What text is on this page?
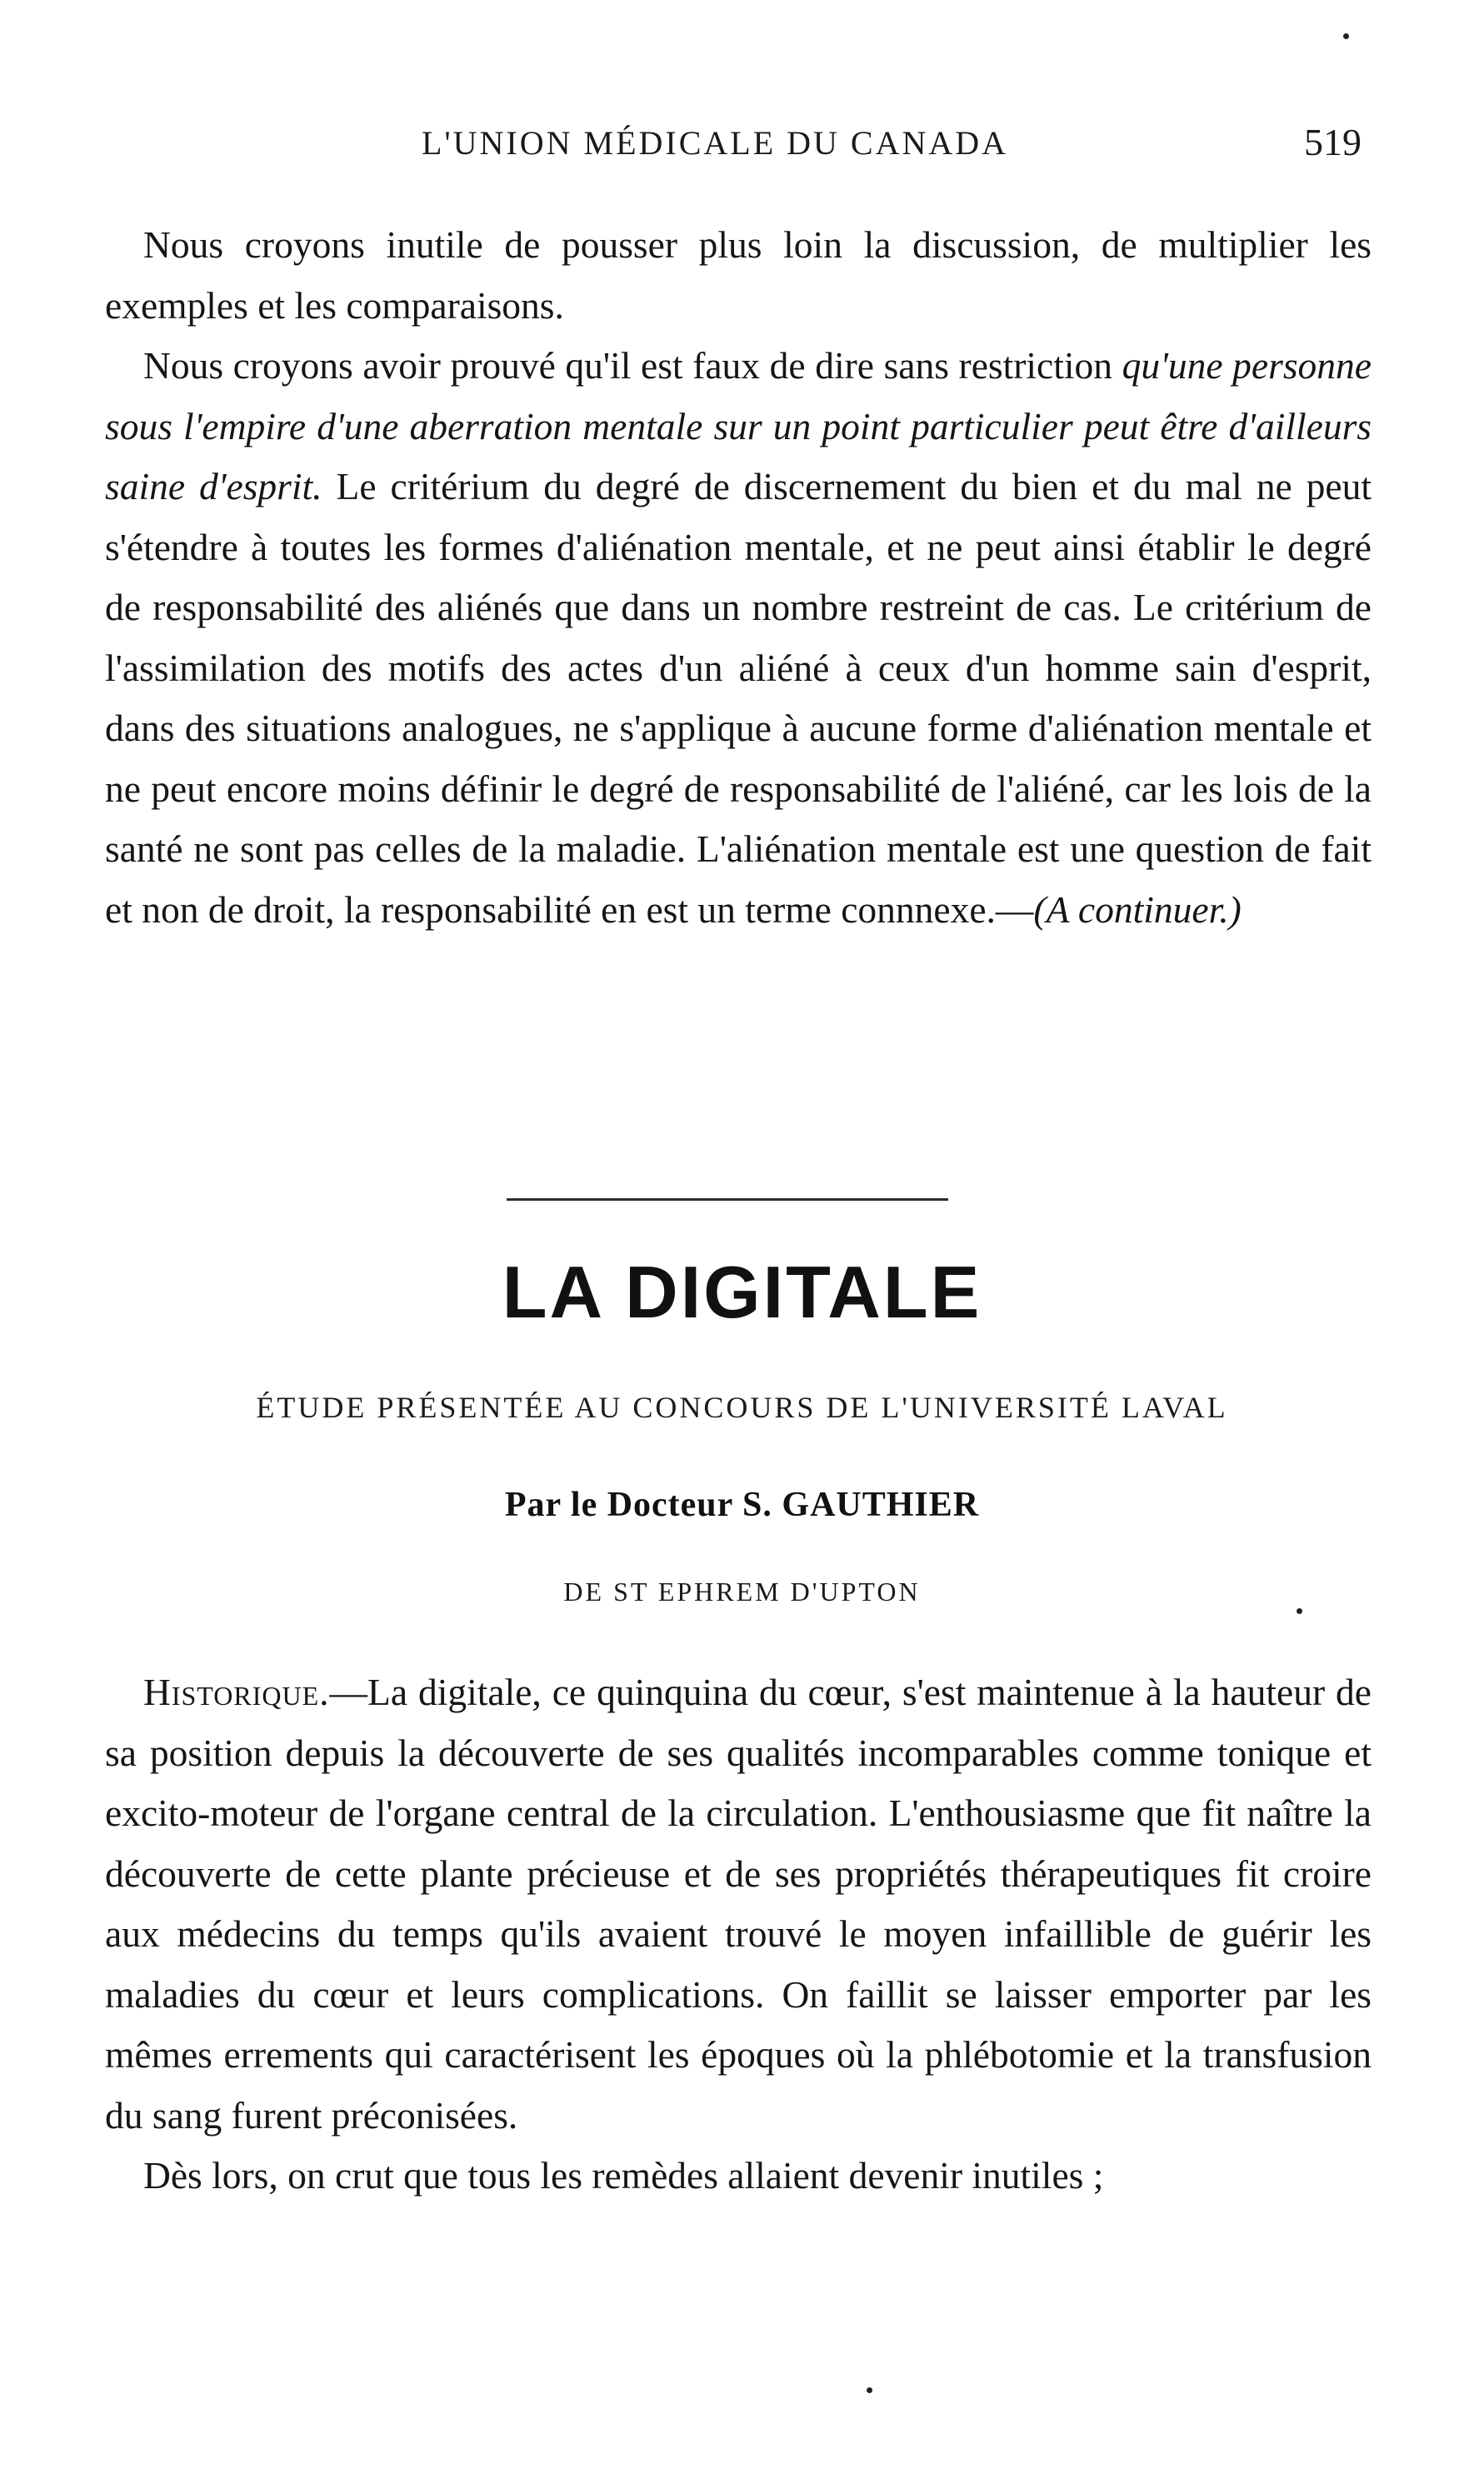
L'UNION MÉDICALE DU CANADA	519

Nous croyons inutile de pousser plus loin la discussion, de multiplier les exemples et les comparaisons.

Nous croyons avoir prouvé qu'il est faux de dire sans restriction qu'une personne sous l'empire d'une aberration mentale sur un point particulier peut être d'ailleurs saine d'esprit. Le critérium du degré de discernement du bien et du mal ne peut s'étendre à toutes les formes d'aliénation mentale, et ne peut ainsi établir le degré de responsabilité des aliénés que dans un nombre restreint de cas. Le critérium de l'assimilation des motifs des actes d'un aliéné à ceux d'un homme sain d'esprit, dans des situations analogues, ne s'applique à aucune forme d'aliénation mentale et ne peut encore moins définir le degré de responsabilité de l'aliéné, car les lois de la santé ne sont pas celles de la maladie. L'aliénation mentale est une question de fait et non de droit, la responsabilité en est un terme connnexe.—(A continuer.)

LA DIGITALE
ÉTUDE PRÉSENTÉE AU CONCOURS DE L'UNIVERSITÉ LAVAL
Par le Docteur S. GAUTHIER
DE ST EPHREM D'UPTON

Historique.—La digitale, ce quinquina du cœur, s'est maintenue à la hauteur de sa position depuis la découverte de ses qualités incomparables comme tonique et excito-moteur de l'organe central de la circulation. L'enthousiasme que fit naître la découverte de cette plante précieuse et de ses propriétés thérapeutiques fit croire aux médecins du temps qu'ils avaient trouvé le moyen infaillible de guérir les maladies du cœur et leurs complications. On faillit se laisser emporter par les mêmes errements qui caractérisent les époques où la phlébotomie et la transfusion du sang furent préconisées.

Dès lors, on crut que tous les remèdes allaient devenir inutiles ;
